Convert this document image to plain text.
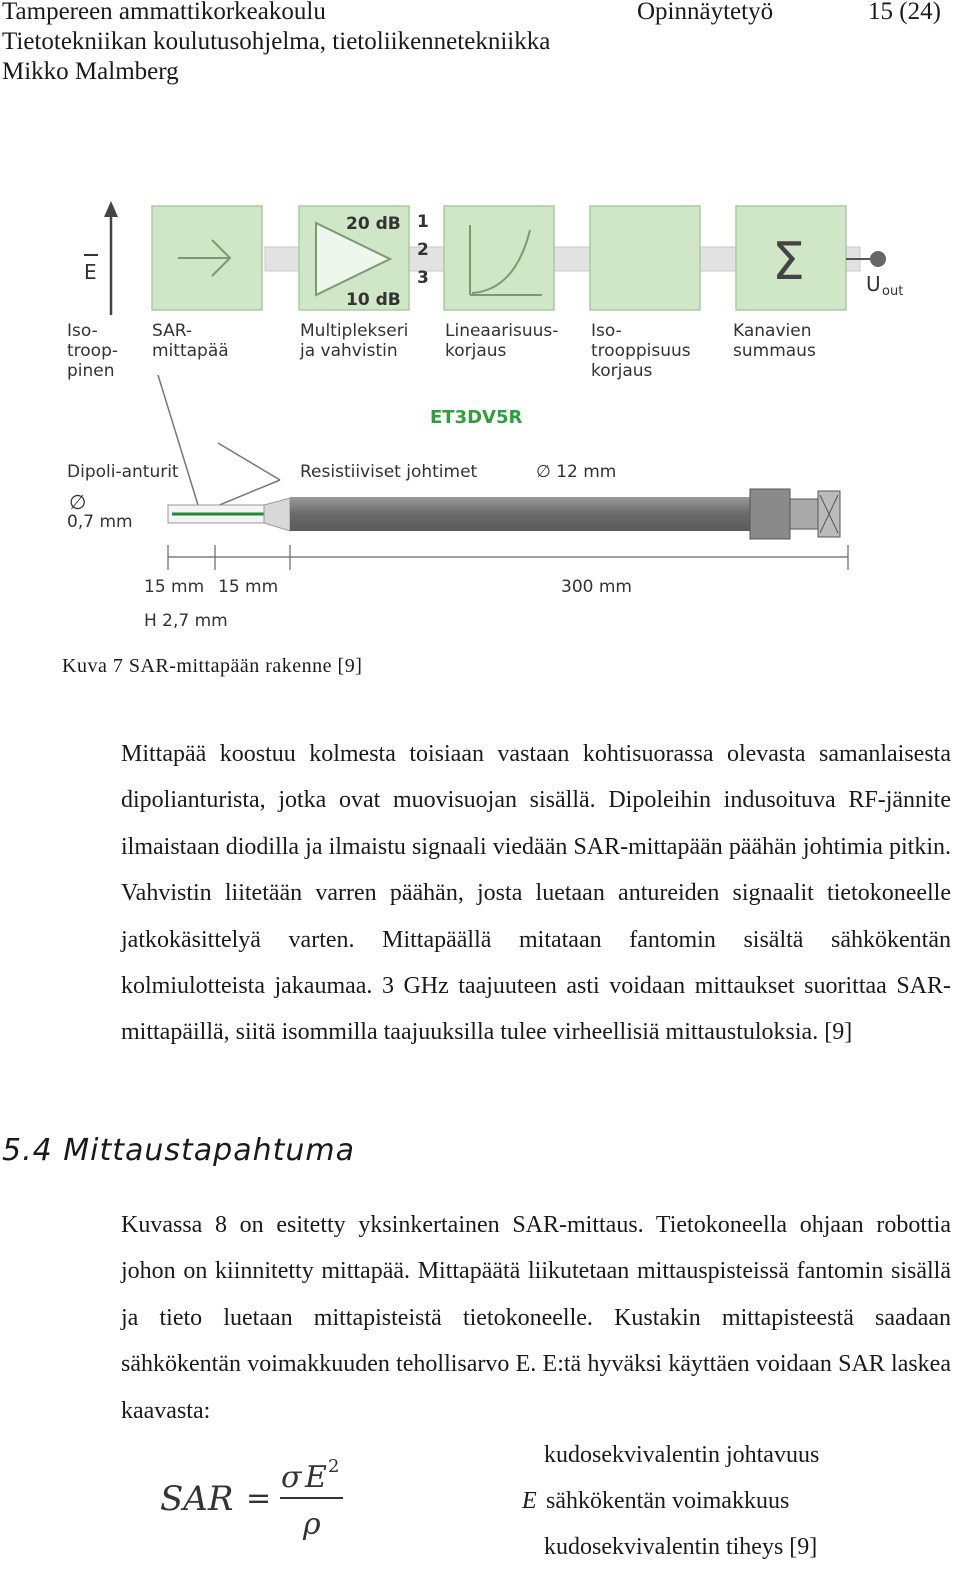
Tampereen ammattikorkeakoulu	Opinnäytetyö	15 (24)
Tietotekniikan koulutusohjelma, tietoliikennetekniikka
Mikko Malmberg
E
20 dB
10 dB
1
2
3	Σ	U out
Iso- troop- pinen
SAR- mittapää
Multiplekseri ja vahvistin
Lineaarisuus- korjaus
Iso- trooppisuus korjaus
Kanavien summaus
ET3DV5R
Dipoli-anturit
∅
0,7 mm
Resistiiviset johtimet	∅ 12 mm
15 mm 15 mm	300 mm
H 2,7 mm
Kuva 7 SAR-mittapään rakenne [9]
Mittapää koostuu kolmesta toisiaan vastaan kohtisuorassa olevasta samanlaisesta dipolianturista, jotka ovat muovisuojan sisällä. Dipoleihin indusoituva RF-jännite ilmaistaan diodilla ja ilmaistu signaali viedään SAR-mittapään päähän johtimia pitkin. Vahvistin liitetään varren päähän, josta luetaan antureiden signaalit tietokoneelle jatkokäsittelyä varten. Mittapäällä mitataan fantomin sisältä sähkökentän kolmiulotteista jakaumaa. 3 GHz taajuuteen asti voidaan mittaukset suorittaa SAR-mittapäillä, siitä isommilla taajuuksilla tulee virheellisiä mittaustuloksia. [9]
5.4 Mittaustapahtuma
Kuvassa 8 on esitetty yksinkertainen SAR-mittaus. Tietokoneella ohjaan robottia johon on kiinnitetty mittapää. Mittapäätä liikutetaan mittauspisteissä fantomin sisällä ja tieto luetaan mittapisteistä tietokoneelle. Kustakin mittapisteestä saadaan sähkökentän voimakkuuden tehollisarvo E. E:tä hyväksi käyttäen voidaan SAR laskea kaavasta:
SAR =
σ E 2
ρ
kudosekvivalentin johtavuus
E sähkökentän voimakkuus
kudosekvivalentin tiheys [9]
